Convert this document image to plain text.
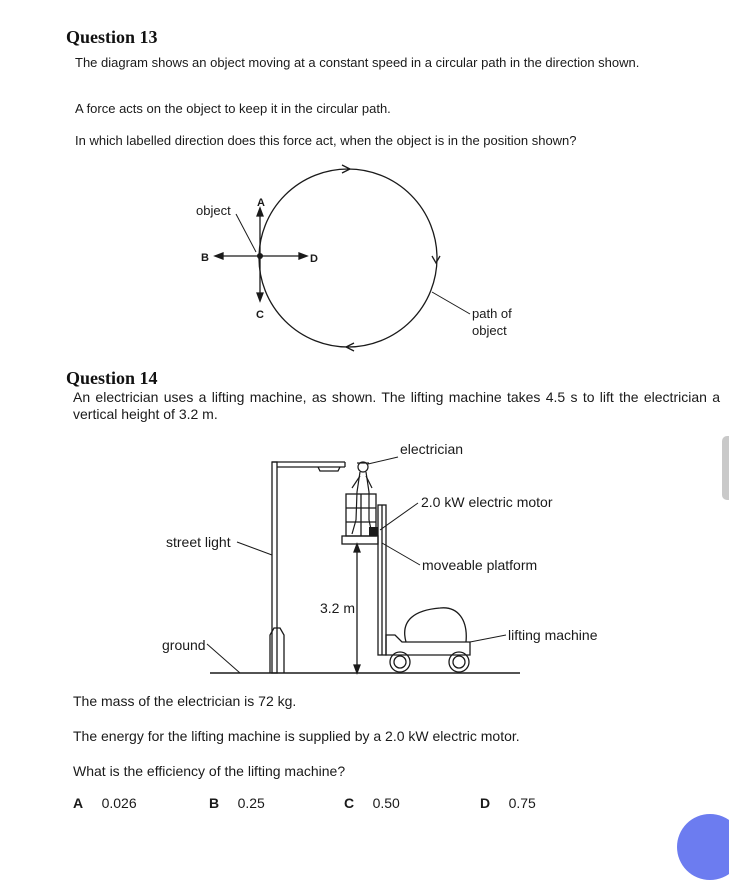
Question 13
The diagram shows an object moving at a constant speed in a circular path in the direction shown.
A force acts on the object to keep it in the circular path.
In which labelled direction does this force act, when the object is in the position shown?
object A
B
C
D
path of
object
Question 14
An electrician uses a lifting machine, as shown. The lifting machine takes 4.5 s to lift the electrician a vertical height of 3.2 m.
electrician
2.0 kW electric motor
street light
moveable platform
3.2 m
ground
lifting machine
The mass of the electrician is 72 kg.
The energy for the lifting machine is supplied by a 2.0 kW electric motor.
What is the efficiency of the lifting machine?
A 0.026	B 0.25	C 0.50	D 0.75
